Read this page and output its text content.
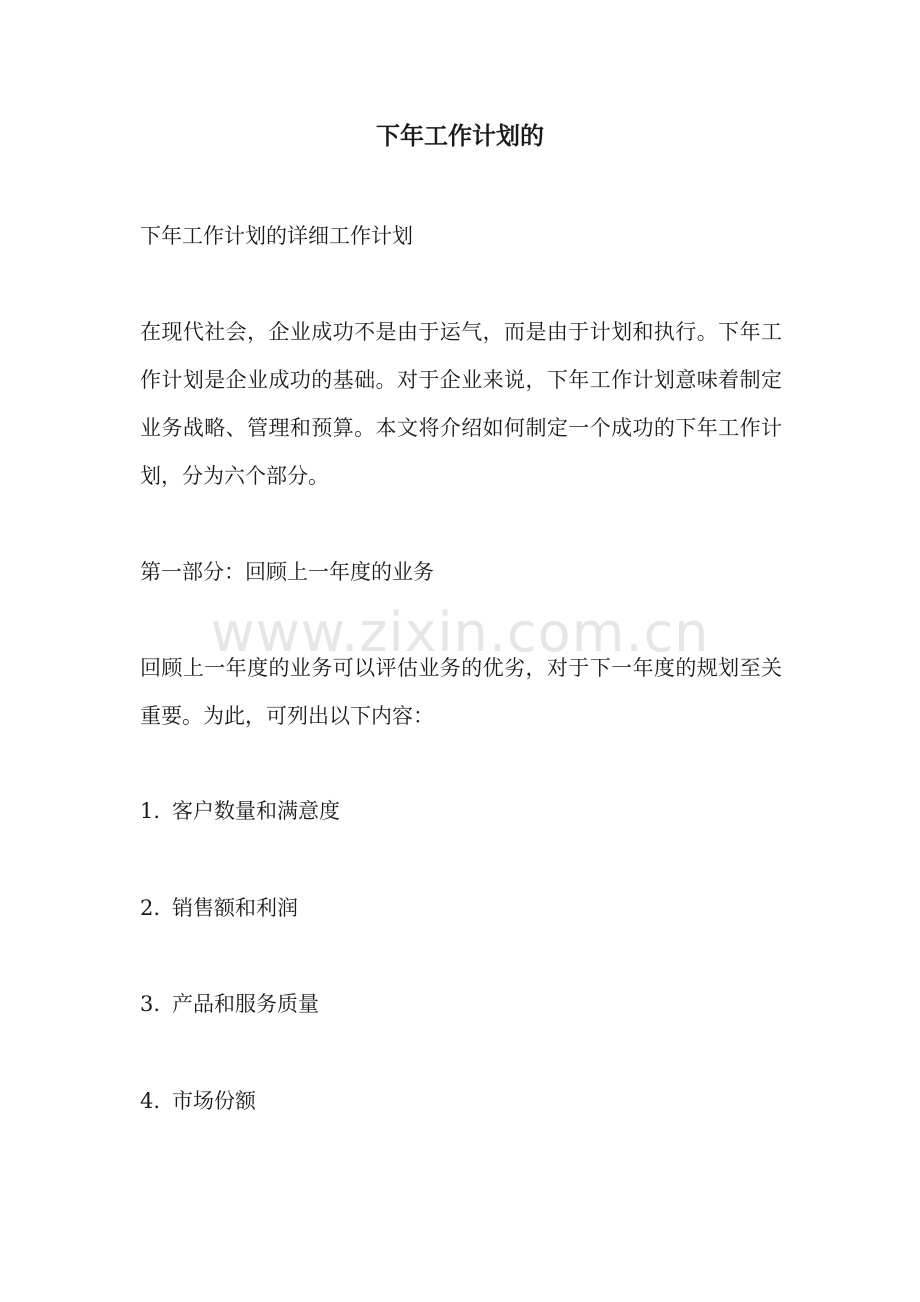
www.zixin.com.cn
下年工作计划的

下年工作计划的详细工作计划

在现代社会，企业成功不是由于运气，而是由于计划和执行。下年工作计划是企业成功的基础。对于企业来说，下年工作计划意味着制定业务战略、管理和预算。本文将介绍如何制定一个成功的下年工作计划，分为六个部分。

第一部分：回顾上一年度的业务

回顾上一年度的业务可以评估业务的优劣，对于下一年度的规划至关重要。为此，可列出以下内容：

1. 客户数量和满意度

2. 销售额和利润

3. 产品和服务质量

4. 市场份额
